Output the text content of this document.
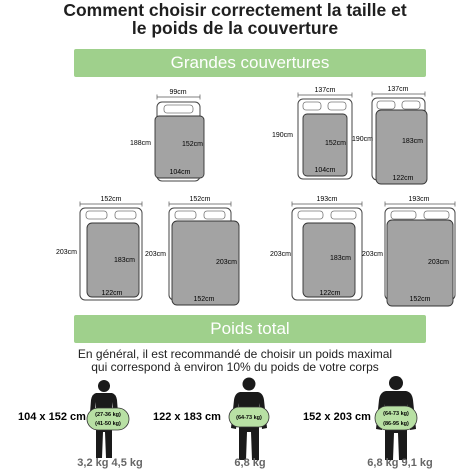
Comment choisir correctement la taille et
le poids de la couverture
Grandes couvertures
99cm
188cm	152cm
104cm
137cm
190cm
152cm
104cm
137cm
190cm	183cm
122cm
152cm
203cm
183cm
122cm
152cm
203cm
203cm
152cm
193cm
203cm
183cm
122cm
193cm
203cm
203cm
152cm
Poids total
En général, il est recommandé de choisir un poids maximal
qui correspond à environ 10% du poids de votre corps
104 x 152 cm (27-36 kg)
(41-50 kg)
3,2 kg 4,5 kg
122 x 183 cm	(64-73 kg)
6,8 kg
152 x 203 cm (64-73 kg)
(86-95 kg)
6,8 kg 9,1 kg
